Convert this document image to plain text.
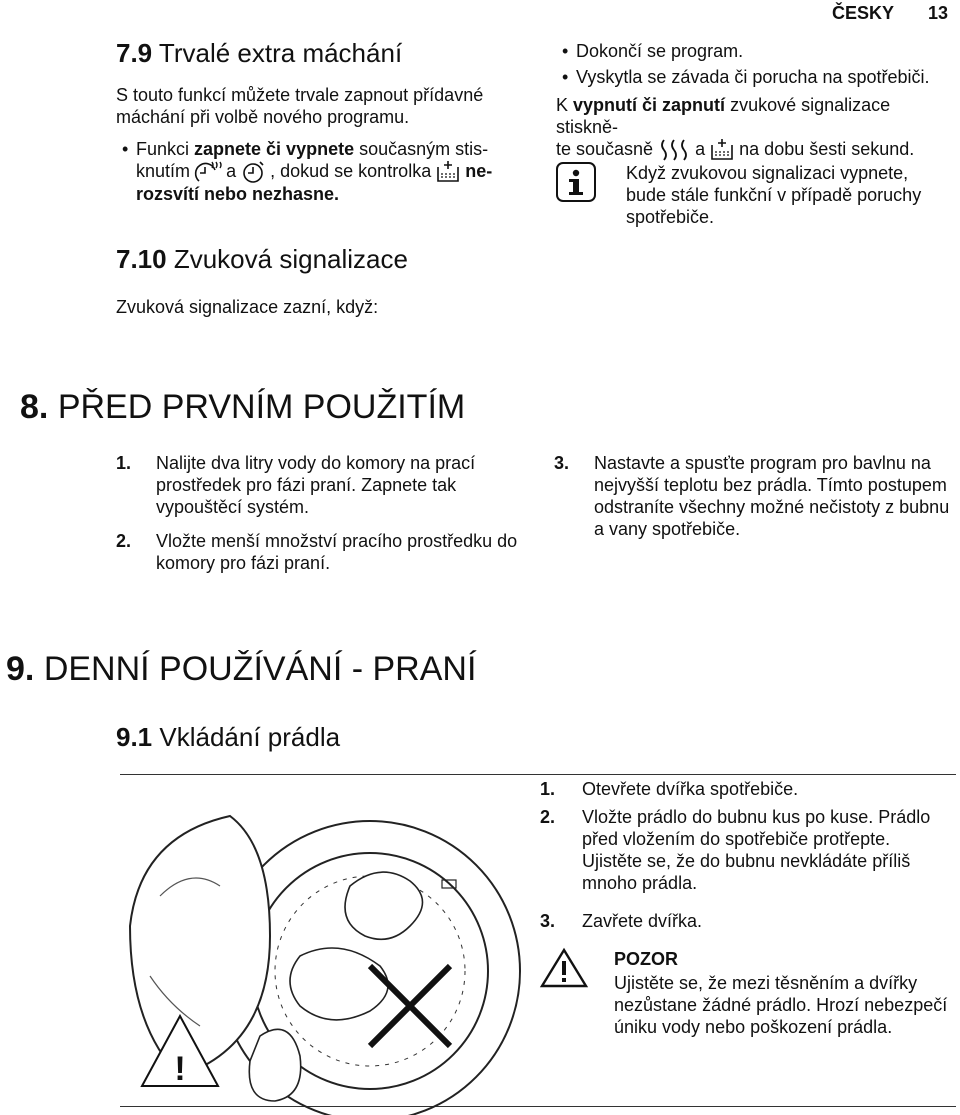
ČESKY 13
7.9 Trvalé extra máchání
S touto funkcí můžete trvale zapnout přídavné máchání při volbě nového programu.
• Funkci zapnete či vypnete současným stis-
knutím a , dokud se kontrolka ne-
rozsvítí nebo nezhasne.
7.10 Zvuková signalizace
Zvuková signalizace zazní, když:
• Dokončí se program.
• Vyskytla se závada či porucha na spotřebiči.
K vypnutí či zapnutí zvukové signalizace stiskně-
te současně a na dobu šesti sekund.
Když zvukovou signalizaci vypnete, bude stále funkční v případě poruchy spotřebiče.
8. PŘED PRVNÍM POUŽITÍM
1. Nalijte dva litry vody do komory na prací prostředek pro fázi praní. Zapnete tak vypouštěcí systém.
2. Vložte menší množství pracího prostředku do komory pro fázi praní.
3. Nastavte a spusťte program pro bavlnu na nejvyšší teplotu bez prádla. Tímto postupem odstraníte všechny možné nečistoty z bubnu a vany spotřebiče.
9. DENNÍ POUŽÍVÁNÍ - PRANÍ
9.1 Vkládání prádla
!
1. Otevřete dvířka spotřebiče.
2. Vložte prádlo do bubnu kus po kuse. Prádlo před vložením do spotřebiče protřepte. Ujistěte se, že do bubnu nevkládáte příliš mnoho prádla.
3. Zavřete dvířka.
POZOR
Ujistěte se, že mezi těsněním a dvířky nezůstane žádné prádlo. Hrozí nebezpečí úniku vody nebo poškození prádla.
